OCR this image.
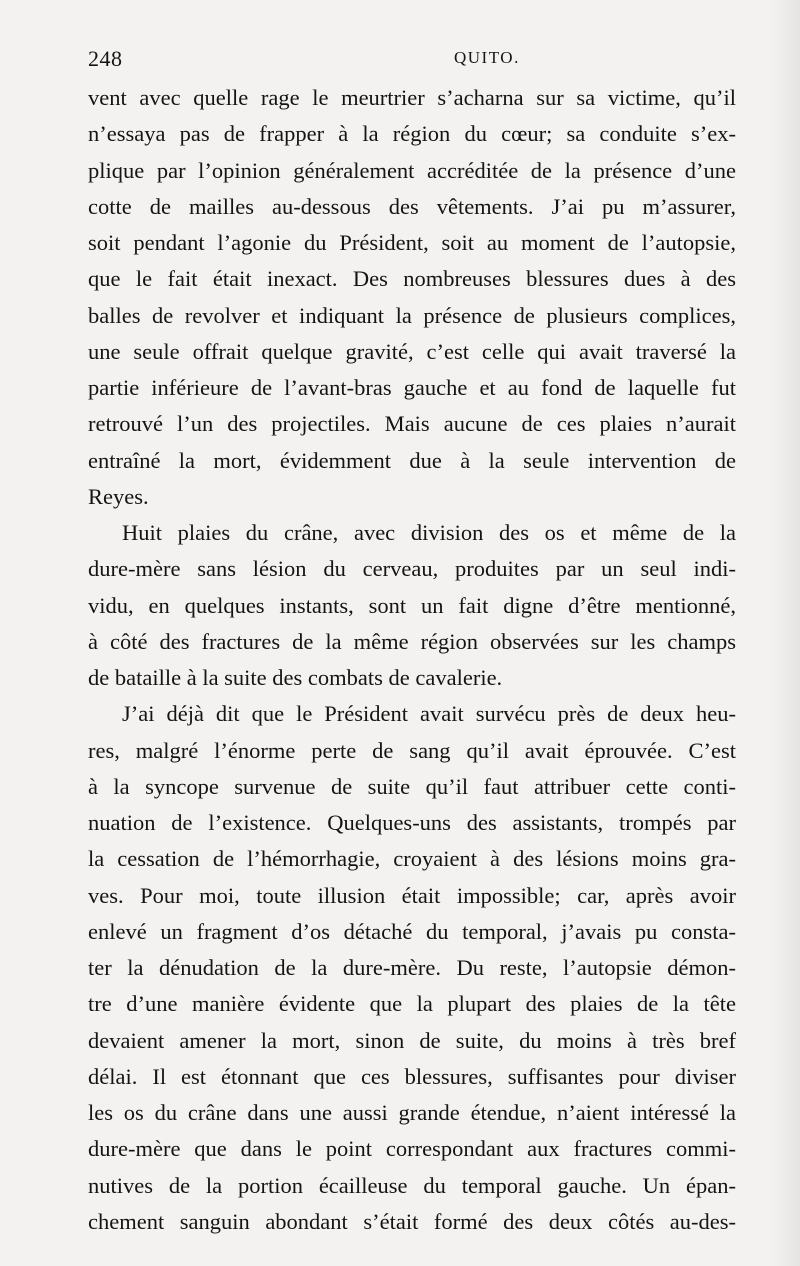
248	QUITO.
vent avec quelle rage le meurtrier s’acharna sur sa victime, qu’il
n’essaya pas de frapper à la région du cœur; sa conduite s’ex-
plique par l’opinion généralement accréditée de la présence d’une
cotte de mailles au-dessous des vêtements. J’ai pu m’assurer,
soit pendant l’agonie du Président, soit au moment de l’autopsie,
que le fait était inexact. Des nombreuses blessures dues à des
balles de revolver et indiquant la présence de plusieurs complices,
une seule offrait quelque gravité, c’est celle qui avait traversé la
partie inférieure de l’avant-bras gauche et au fond de laquelle fut
retrouvé l’un des projectiles. Mais aucune de ces plaies n’aurait
entraîné la mort, évidemment due à la seule intervention de
Reyes.
Huit plaies du crâne, avec division des os et même de la
dure-mère sans lésion du cerveau, produites par un seul indi-
vidu, en quelques instants, sont un fait digne d’être mentionné,
à côté des fractures de la même région observées sur les champs
de bataille à la suite des combats de cavalerie.
J’ai déjà dit que le Président avait survécu près de deux heu-
res, malgré l’énorme perte de sang qu’il avait éprouvée. C’est
à la syncope survenue de suite qu’il faut attribuer cette conti-
nuation de l’existence. Quelques-uns des assistants, trompés par
la cessation de l’hémorrhagie, croyaient à des lésions moins gra-
ves. Pour moi, toute illusion était impossible; car, après avoir
enlevé un fragment d’os détaché du temporal, j’avais pu consta-
ter la dénudation de la dure-mère. Du reste, l’autopsie démon-
tre d’une manière évidente que la plupart des plaies de la tête
devaient amener la mort, sinon de suite, du moins à très bref
délai. Il est étonnant que ces blessures, suffisantes pour diviser
les os du crâne dans une aussi grande étendue, n’aient intéressé la
dure-mère que dans le point correspondant aux fractures commi-
nutives de la portion écailleuse du temporal gauche. Un épan-
chement sanguin abondant s’était formé des deux côtés au-des-
